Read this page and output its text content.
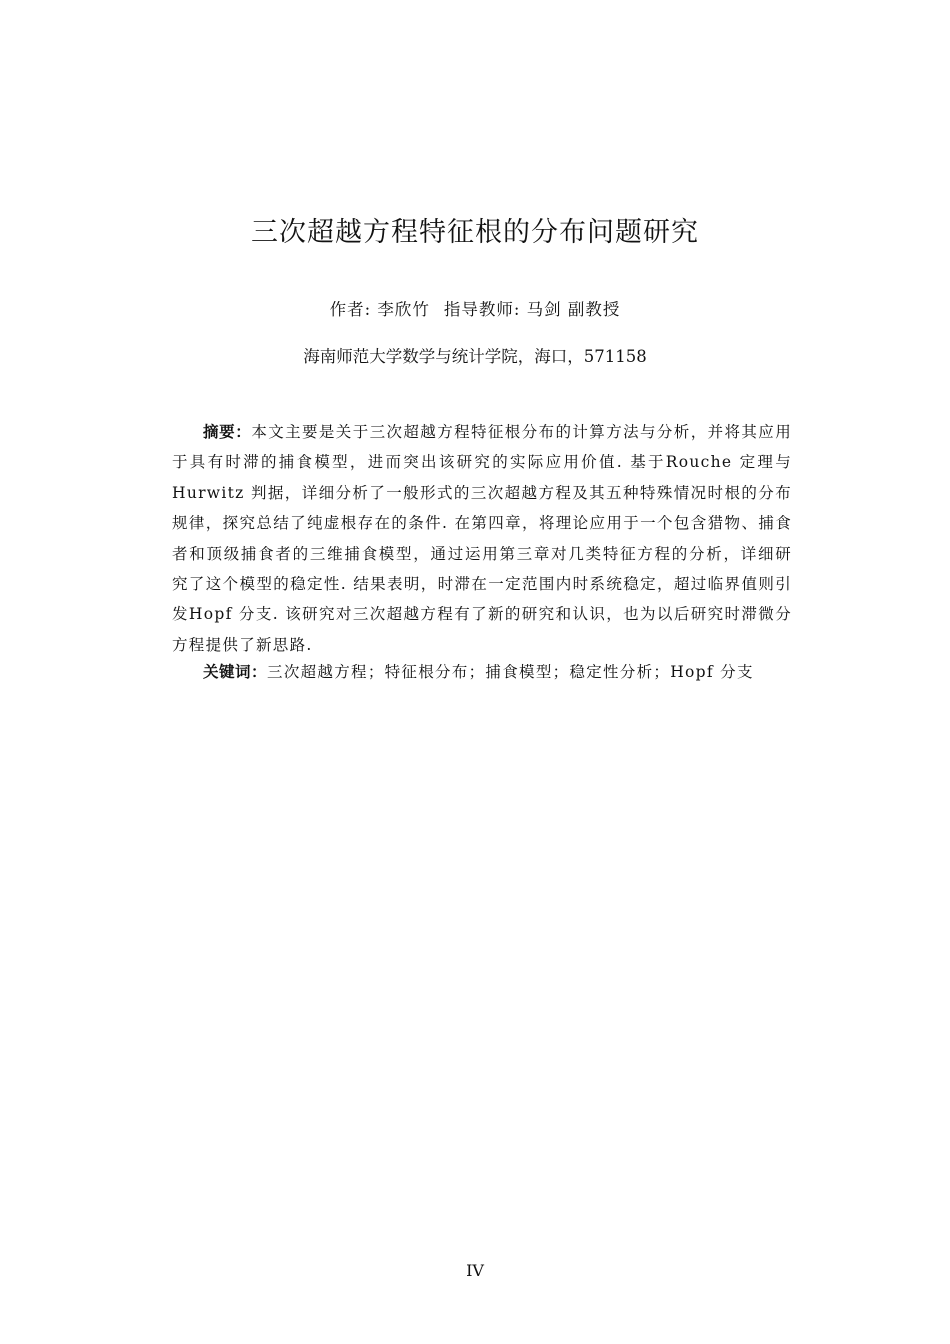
三次超越方程特征根的分布问题研究
作者: 李欣竹 指导教师: 马剑 副教授
海南师范大学数学与统计学院，海口，571158
摘要：本文主要是关于三次超越方程特征根分布的计算方法与分析，并将其应用于具有时滞的捕食模型，进而突出该研究的实际应用价值. 基于Rouche 定理与Hurwitz 判据，详细分析了一般形式的三次超越方程及其五种特殊情况时根的分布规律，探究总结了纯虚根存在的条件. 在第四章，将理论应用于一个包含猎物、捕食者和顶级捕食者的三维捕食模型，通过运用第三章对几类特征方程的分析，详细研究了这个模型的稳定性. 结果表明，时滞在一定范围内时系统稳定，超过临界值则引发Hopf 分支. 该研究对三次超越方程有了新的研究和认识，也为以后研究时滞微分方程提供了新思路.
关键词：三次超越方程；特征根分布；捕食模型；稳定性分析；Hopf 分支
IV
